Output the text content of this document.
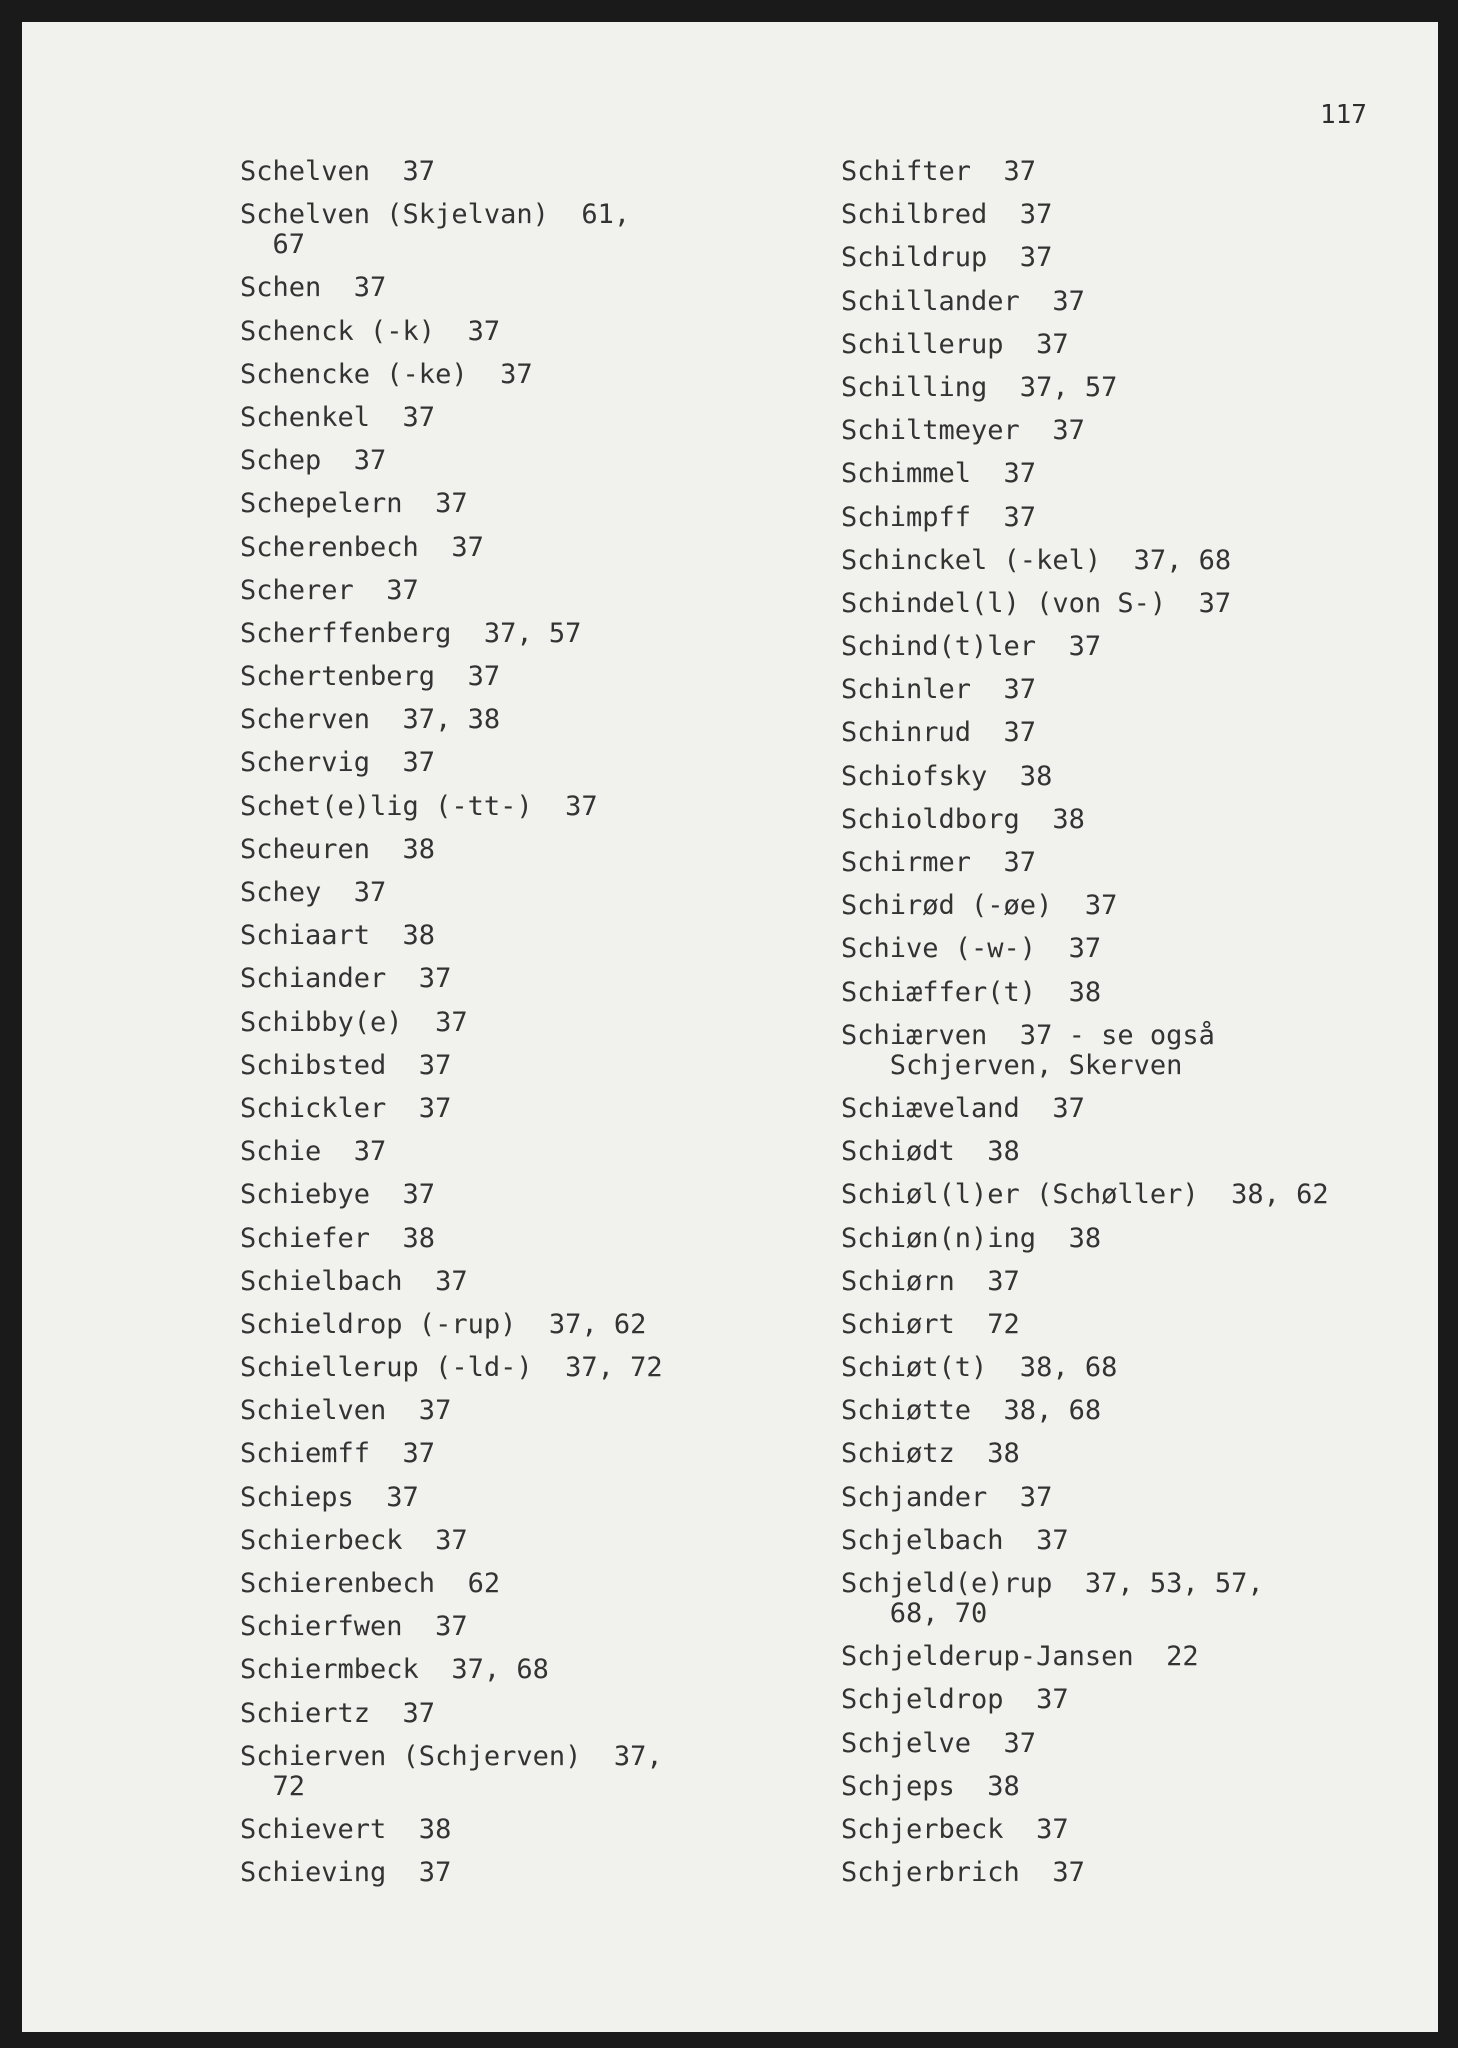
117
Schelven  37
Schelven (Skjelvan)  61,
67
Schen  37
Schenck (-k)  37
Schencke (-ke)  37
Schenkel  37
Schep  37
Schepelern  37
Scherenbech  37
Scherer  37
Scherffenberg  37, 57
Schertenberg  37
Scherven  37, 38
Schervig  37
Schet(e)lig (-tt-)  37
Scheuren  38
Schey  37
Schiaart  38
Schiander  37
Schibby(e)  37
Schibsted  37
Schickler  37
Schie  37
Schiebye  37
Schiefer  38
Schielbach  37
Schieldrop (-rup)  37, 62
Schiellerup (-ld-)  37, 72
Schielven  37
Schiemff  37
Schieps  37
Schierbeck  37
Schierenbech  62
Schierfwen  37
Schiermbeck  37, 68
Schiertz  37
Schierven (Schjerven)  37,
72
Schievert  38
Schieving  37
Schifter  37
Schilbred  37
Schildrup  37
Schillander  37
Schillerup  37
Schilling  37, 57
Schiltmeyer  37
Schimmel  37
Schimpff  37
Schinckel (-kel)  37, 68
Schindel(l) (von S-)  37
Schind(t)ler  37
Schinler  37
Schinrud  37
Schiofsky  38
Schioldborg  38
Schirmer  37
Schirød (-øe)  37
Schive (-w-)  37
Schiæffer(t)  38
Schiærven  37 - se også
Schjerven, Skerven
Schiæveland  37
Schiødt  38
Schiøl(l)er (Schøller)  38, 62
Schiøn(n)ing  38
Schiørn  37
Schiørt  72
Schiøt(t)  38, 68
Schiøtte  38, 68
Schiøtz  38
Schjander  37
Schjelbach  37
Schjeld(e)rup  37, 53, 57,
68, 70
Schjelderup-Jansen  22
Schjeldrop  37
Schjelve  37
Schjeps  38
Schjerbeck  37
Schjerbrich  37
